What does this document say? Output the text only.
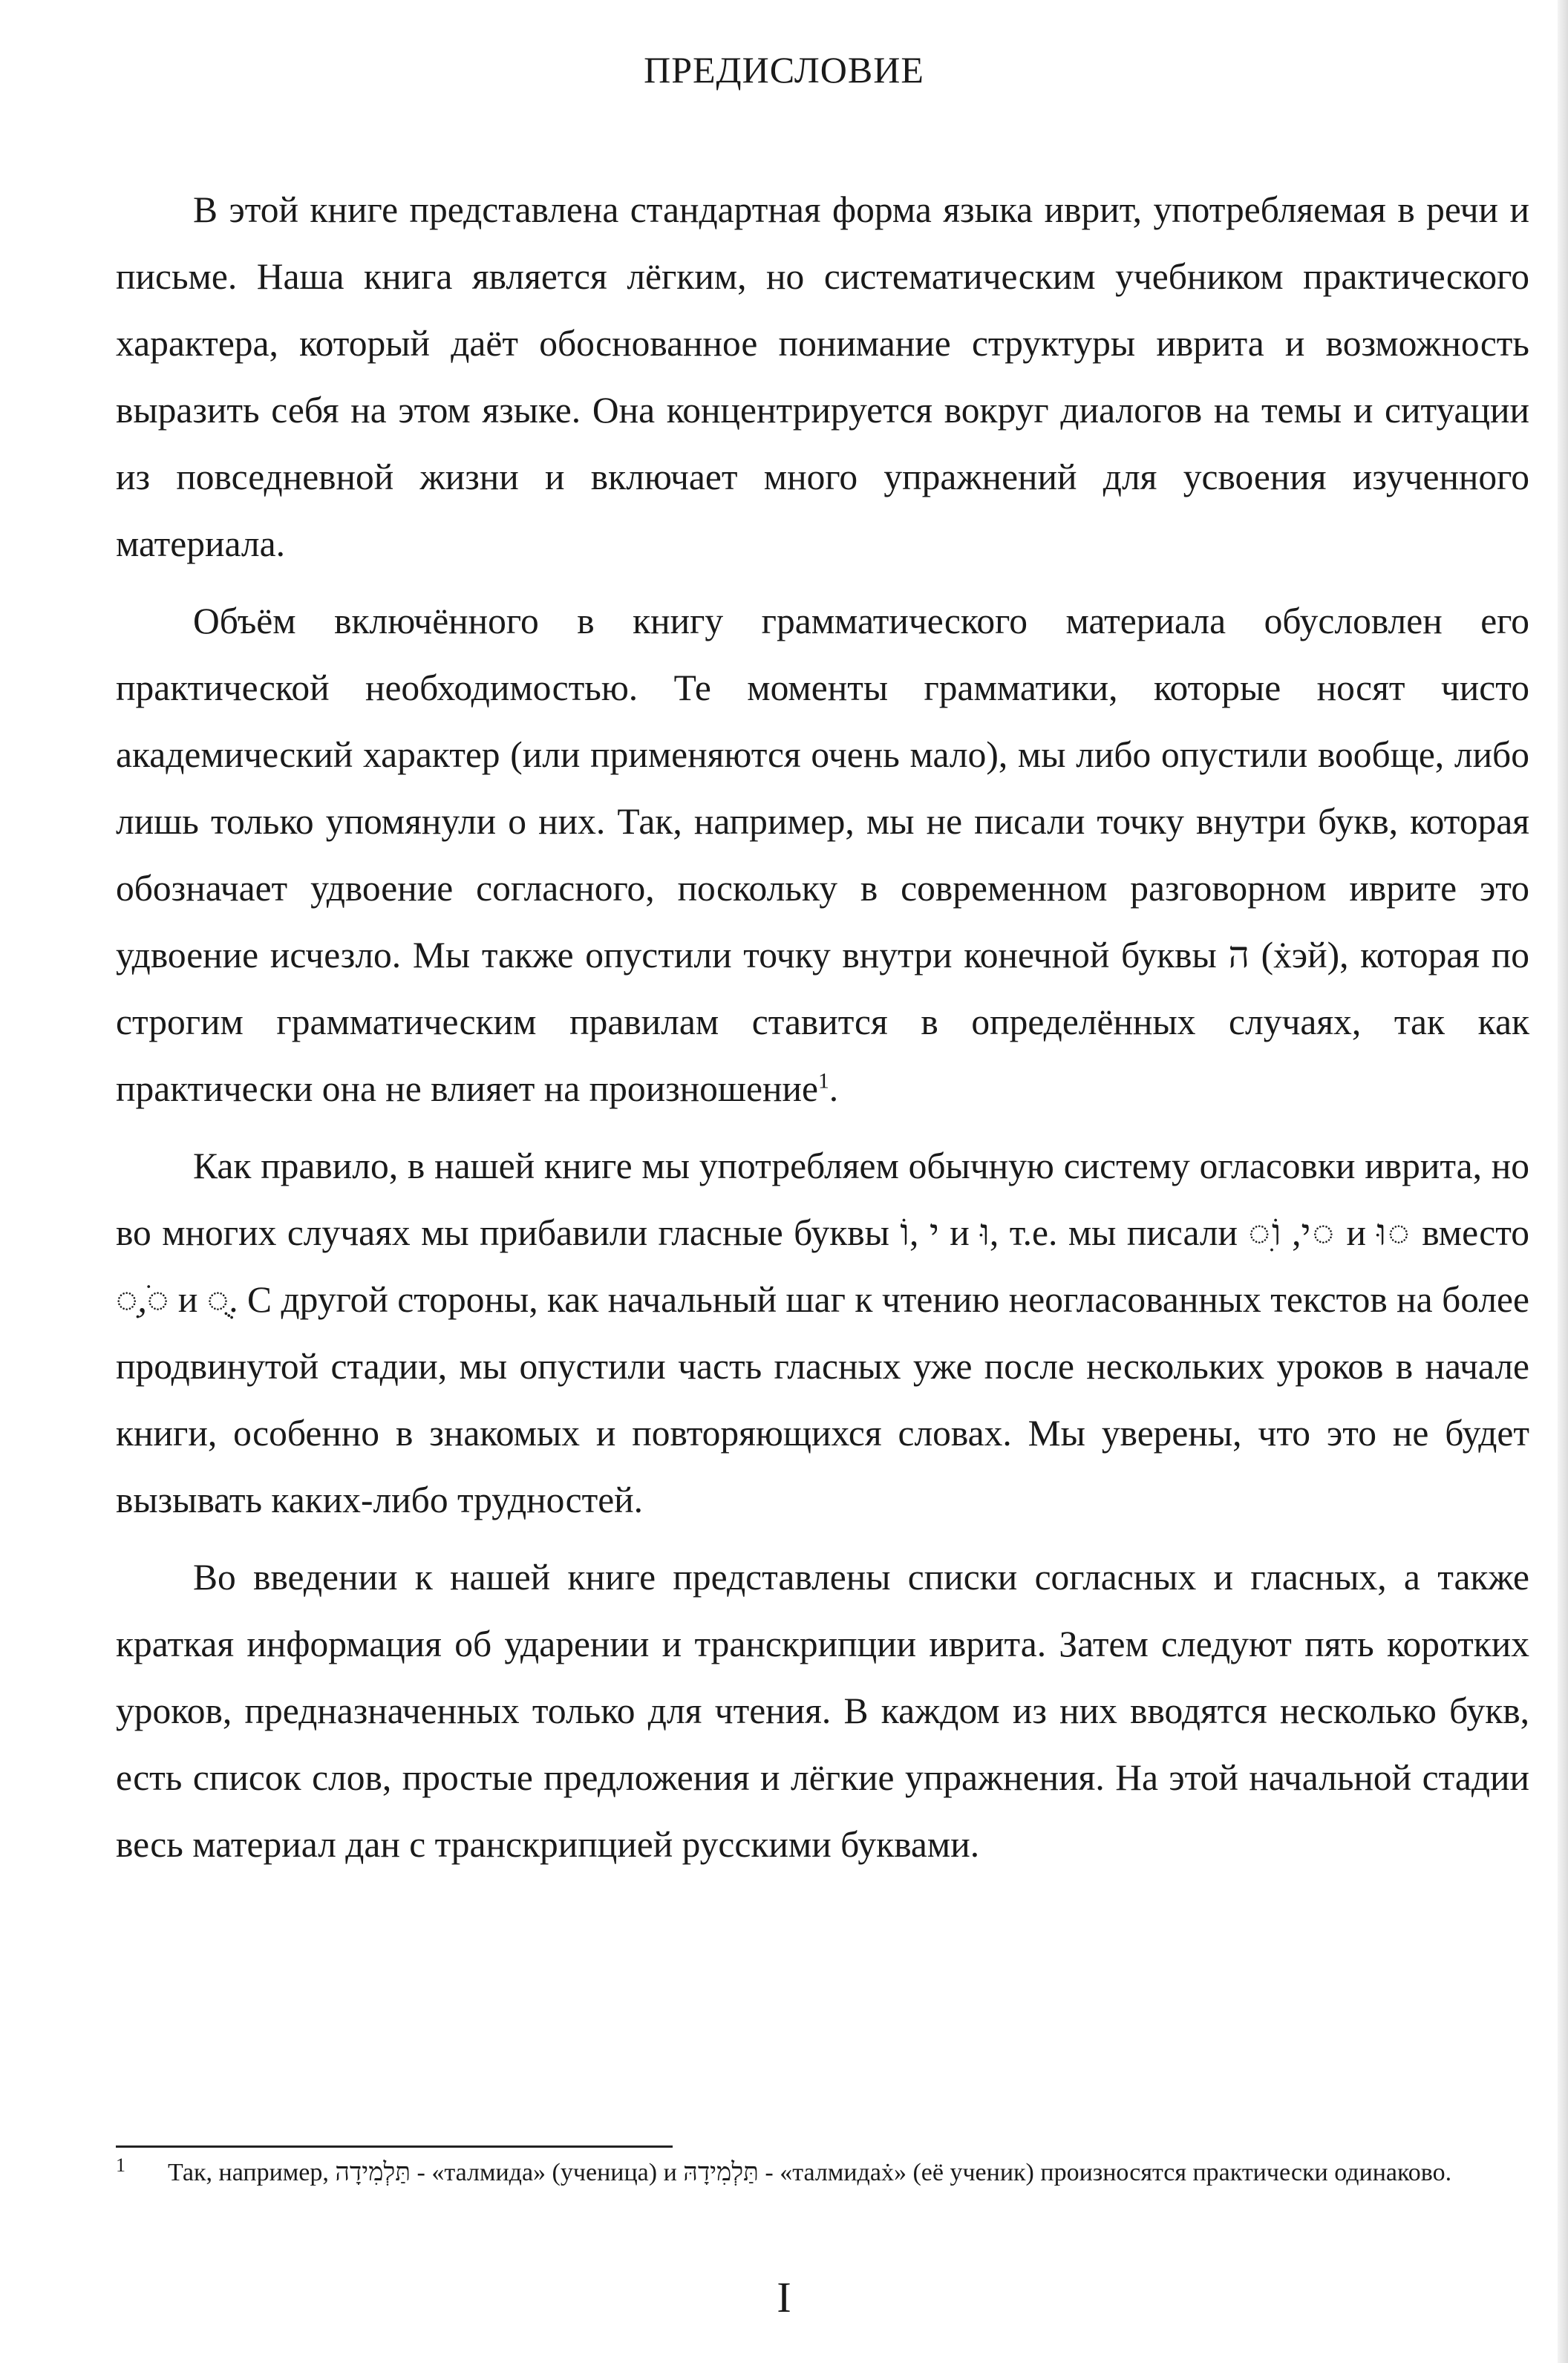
ПРЕДИСЛОВИЕ

В этой книге представлена стандартная форма языка иврит, употребляемая в речи и письме. Наша книга является лёгким, но систематическим учебником практического характера, который даёт обоснованное понимание структуры иврита и возможность выразить себя на этом языке. Она концентрируется вокруг диалогов на темы и ситуации из повседневной жизни и включает много упражнений для усвоения изученного материала.

Объём включённого в книгу грамматического материала обусловлен его практической необходимостью. Те моменты грамматики, которые носят чисто академический характер (или применяются очень мало), мы либо опустили вообще, либо лишь только упомянули о них. Так, например, мы не писали точку внутри букв, которая обозначает удвоение согласного, поскольку в современном разговорном иврите это удвоение исчезло. Мы также опустили точку внутри конечной буквы ה (ẋэй), которая по строгим грамматическим правилам ставится в определённых случаях, так как практически она не влияет на произношение$^1$.

Как правило, в нашей книге мы употребляем обычную систему огласовки иврита, но во многих случаях мы прибавили гласные буквы י ,וֹ и וּ, т.е. мы писали ◌ִי, וֹ◌ и וּ◌ вместо ◌ִ,◌ֹ и ◌ֻ. С другой стороны, как начальный шаг к чтению неогласованных текстов на более продвинутой стадии, мы опустили часть гласных уже после нескольких уроков в начале книги, особенно в знакомых и повторяющихся словах. Мы уверены, что это не будет вызывать каких-либо трудностей.

Во введении к нашей книге представлены списки согласных и гласных, а также краткая информация об ударении и транскрипции иврита. Затем следуют пять коротких уроков, предназначенных только для чтения. В каждом из них вводятся несколько букв, есть список слов, простые предложения и лёгкие упражнения. На этой начальной стадии весь материал дан с транскрипцией русскими буквами.

1 Так, например, תַּלְמִידָה - «талмида» (ученица) и תַּלְמִידָהּ - «талмидаẋ» (её ученик) произносятся практически одинаково.
I
